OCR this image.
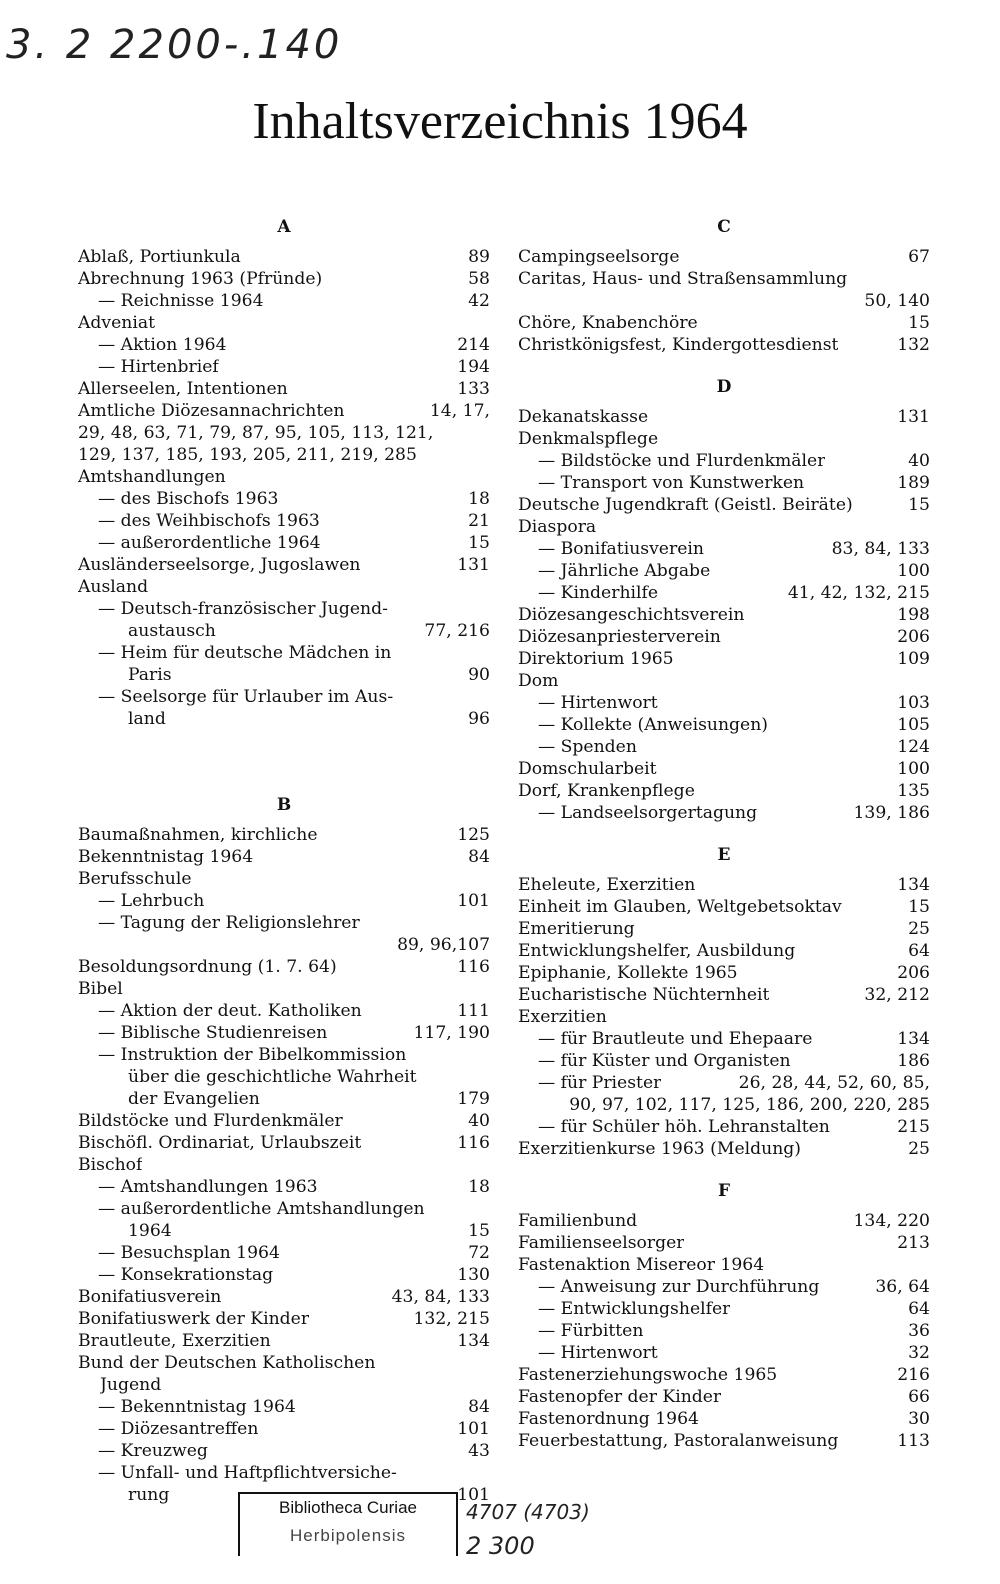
3. 2 2200-.140
Inhaltsverzeichnis 1964
A
Ablaß, Portiunkula	89
Abrechnung 1963 (Pfründe)	58
— Reichnisse 1964	42
Adveniat
— Aktion 1964	214
— Hirtenbrief	194
Allerseelen, Intentionen	133
Amtliche Diözesannachrichten	14, 17,
29, 48, 63, 71, 79, 87, 95, 105, 113, 121,
129, 137, 185, 193, 205, 211, 219, 285
Amtshandlungen
— des Bischofs 1963	18
— des Weihbischofs 1963	21
— außerordentliche 1964	15
Ausländerseelsorge, Jugoslawen	131
Ausland
— Deutsch-französischer Jugend-
austausch	77, 216
— Heim für deutsche Mädchen in
Paris	90
— Seelsorge für Urlauber im Aus-
land	96
B
Baumaßnahmen, kirchliche	125
Bekenntnistag 1964	84
Berufsschule
— Lehrbuch	101
— Tagung der Religionslehrer
89, 96,107
Besoldungsordnung (1. 7. 64)	116
Bibel
— Aktion der deut. Katholiken	111
— Biblische Studienreisen	117, 190
— Instruktion der Bibelkommission
über die geschichtliche Wahrheit
der Evangelien	179
Bildstöcke und Flurdenkmäler	40
Bischöfl. Ordinariat, Urlaubszeit	116
Bischof
— Amtshandlungen 1963	18
— außerordentliche Amtshandlungen
1964	15
— Besuchsplan 1964	72
— Konsekrationstag	130
Bonifatiusverein	43, 84, 133
Bonifatiuswerk der Kinder	132, 215
Brautleute, Exerzitien	134
Bund der Deutschen Katholischen
Jugend
— Bekenntnistag 1964	84
— Diözesantreffen	101
— Kreuzweg	43
— Unfall- und Haftpflichtversiche-
rung	101
C
Campingseelsorge	67
Caritas, Haus- und Straßensammlung
50, 140
Chöre, Knabenchöre	15
Christkönigsfest, Kindergottesdienst	132
D
Dekanatskasse	131
Denkmalspflege
— Bildstöcke und Flurdenkmäler	40
— Transport von Kunstwerken	189
Deutsche Jugendkraft (Geistl. Beiräte)	15
Diaspora
— Bonifatiusverein	83, 84, 133
— Jährliche Abgabe	100
— Kinderhilfe	41, 42, 132, 215
Diözesangeschichtsverein	198
Diözesanpriesterverein	206
Direktorium 1965	109
Dom
— Hirtenwort	103
— Kollekte (Anweisungen)	105
— Spenden	124
Domschularbeit	100
Dorf, Krankenpflege	135
— Landseelsorgertagung	139, 186
E
Eheleute, Exerzitien	134
Einheit im Glauben, Weltgebetsoktav	15
Emeritierung	25
Entwicklungshelfer, Ausbildung	64
Epiphanie, Kollekte 1965	206
Eucharistische Nüchternheit	32, 212
Exerzitien
— für Brautleute und Ehepaare	134
— für Küster und Organisten	186
— für Priester	26, 28, 44, 52, 60, 85,
90, 97, 102, 117, 125, 186, 200, 220, 285
— für Schüler höh. Lehranstalten	215
Exerzitienkurse 1963 (Meldung)	25
F
Familienbund	134, 220
Familienseelsorger	213
Fastenaktion Misereor 1964
— Anweisung zur Durchführung	36, 64
— Entwicklungshelfer	64
— Fürbitten	36
— Hirtenwort	32
Fastenerziehungswoche 1965	216
Fastenopfer der Kinder	66
Fastenordnung 1964	30
Feuerbestattung, Pastoralanweisung	113
Bibliotheca Curiae
Herbipolensis
4707 (4703)
2 300
